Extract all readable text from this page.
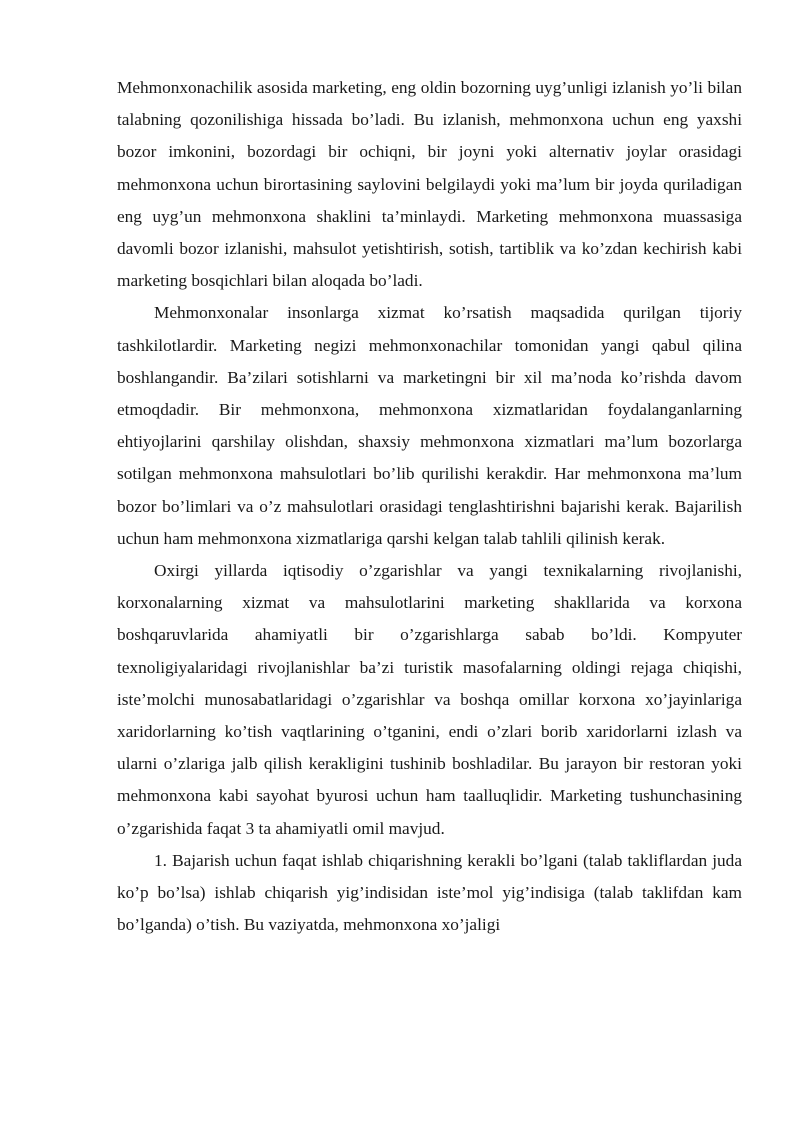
Mehmonxonachilik asosida marketing, eng oldin bozorning uyg’unligi izlanish yo’li bilan talabning qozonilishiga hissada bo’ladi. Bu izlanish, mehmonxona uchun eng yaxshi bozor imkonini, bozordagi bir ochiqni, bir joyni yoki alternativ joylar orasidagi mehmonxona uchun birortasining saylovini belgilaydi yoki ma’lum bir joyda quriladigan eng uyg’un mehmonxona shaklini ta’minlaydi. Marketing mehmonxona muassasiga davomli bozor izlanishi, mahsulot yetishtirish, sotish, tartiblik va ko’zdan kechirish kabi marketing bosqichlari bilan aloqada bo’ladi.

Mehmonxonalar insonlarga xizmat ko’rsatish maqsadida qurilgan tijoriy tashkilotlardir. Marketing negizi mehmonxonachilar tomonidan yangi qabul qilina boshlangandir. Ba’zilari sotishlarni va marketingni bir xil ma’noda ko’rishda davom etmoqdadir. Bir mehmonxona, mehmonxona xizmatlaridan foydalanganlarning ehtiyojlarini qarshilay olishdan, shaxsiy mehmonxona xizmatlari ma’lum bozorlarga sotilgan mehmonxona mahsulotlari bo’lib qurilishi kerakdir. Har mehmonxona ma’lum bozor bo’limlari va o’z mahsulotlari orasidagi tenglashtirishni bajarishi kerak. Bajarilish uchun ham mehmonxona xizmatlariga qarshi kelgan talab tahlili qilinish kerak.

Oxirgi yillarda iqtisodiy o’zgarishlar va yangi texnikalarning rivojlanishi, korxonalarning xizmat va mahsulotlarini marketing shakllarida va korxona boshqaruvlarida ahamiyatli bir o’zgarishlarga sabab bo’ldi. Kompyuter texnoligiyalaridagi rivojlanishlar ba’zi turistik masofalarning oldingi rejaga chiqishi, iste’molchi munosabatlaridagi o’zgarishlar va boshqa omillar korxona xo’jayinlariga xaridorlarning ko’tish vaqtlarining o’tganini, endi o’zlari borib xaridorlarni izlash va ularni o’zlariga jalb qilish kerakligini tushinib boshladilar. Bu jarayon bir restoran yoki mehmonxona kabi sayohat byurosi uchun ham taalluqlidir. Marketing tushunchasining o’zgarishida faqat 3 ta ahamiyatli omil mavjud.

1. Bajarish uchun faqat ishlab chiqarishning kerakli bo’lgani (talab takliflardan juda ko’p bo’lsa) ishlab chiqarish yig’indisidan iste’mol yig’indisiga (talab taklifdan kam bo’lganda) o’tish. Bu vaziyatda, mehmonxona xo’jaligi
